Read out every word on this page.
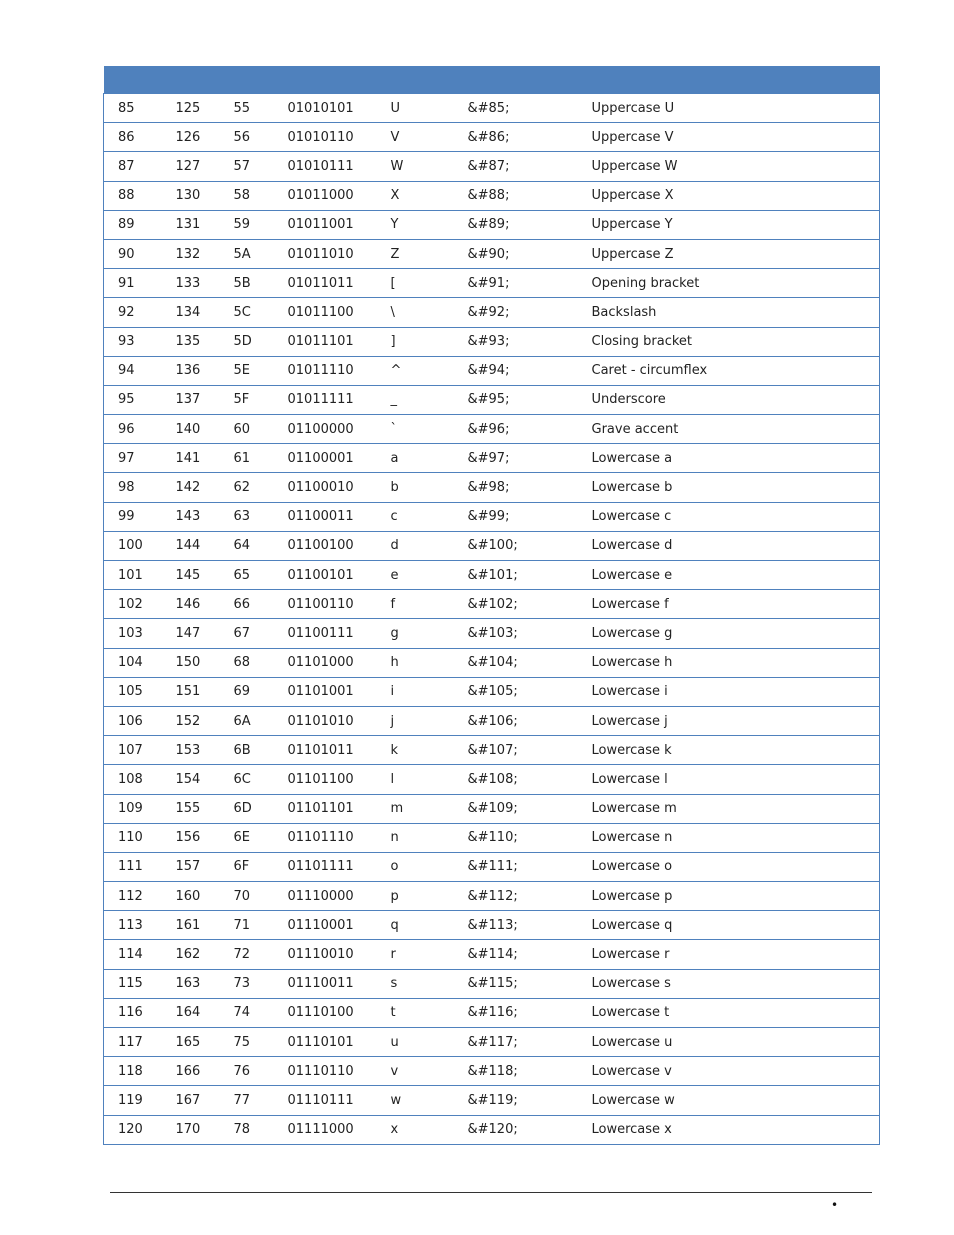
85	125	55	01010101	U	&#85;	Uppercase U
86	126	56	01010110	V	&#86;	Uppercase V
87	127	57	01010111	W	&#87;	Uppercase W
88	130	58	01011000	X	&#88;	Uppercase X
89	131	59	01011001	Y	&#89;	Uppercase Y
90	132	5A	01011010	Z	&#90;	Uppercase Z
91	133	5B	01011011	[	&#91;	Opening bracket
92	134	5C	01011100	\	&#92;	Backslash
93	135	5D	01011101	]	&#93;	Closing bracket
94	136	5E	01011110	^	&#94;	Caret - circumflex
95	137	5F	01011111	_	&#95;	Underscore
96	140	60	01100000	`	&#96;	Grave accent
97	141	61	01100001	a	&#97;	Lowercase a
98	142	62	01100010	b	&#98;	Lowercase b
99	143	63	01100011	c	&#99;	Lowercase c
100	144	64	01100100	d	&#100;	Lowercase d
101	145	65	01100101	e	&#101;	Lowercase e
102	146	66	01100110	f	&#102;	Lowercase f
103	147	67	01100111	g	&#103;	Lowercase g
104	150	68	01101000	h	&#104;	Lowercase h
105	151	69	01101001	i	&#105;	Lowercase i
106	152	6A	01101010	j	&#106;	Lowercase j
107	153	6B	01101011	k	&#107;	Lowercase k
108	154	6C	01101100	l	&#108;	Lowercase l
109	155	6D	01101101	m	&#109;	Lowercase m
110	156	6E	01101110	n	&#110;	Lowercase n
111	157	6F	01101111	o	&#111;	Lowercase o
112	160	70	01110000	p	&#112;	Lowercase p
113	161	71	01110001	q	&#113;	Lowercase q
114	162	72	01110010	r	&#114;	Lowercase r
115	163	73	01110011	s	&#115;	Lowercase s
116	164	74	01110100	t	&#116;	Lowercase t
117	165	75	01110101	u	&#117;	Lowercase u
118	166	76	01110110	v	&#118;	Lowercase v
119	167	77	01110111	w	&#119;	Lowercase w
120	170	78	01111000	x	&#120;	Lowercase x
•
